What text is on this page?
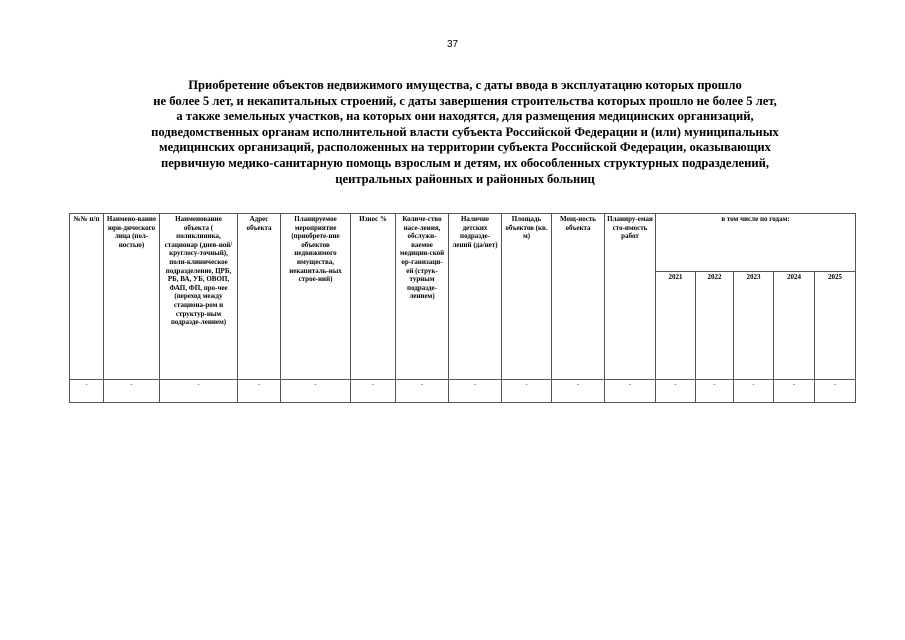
37
Приобретение объектов недвижимого имущества, с даты ввода в эксплуатацию которых прошло
не более 5 лет, и некапитальных строений, с даты завершения строительства которых прошло не более 5 лет,
а также земельных участков, на которых они находятся, для размещения медицинских организаций,
подведомственных органам исполнительной власти субъекта Российской Федерации и (или) муниципальных
медицинских организаций, расположенных на территории субъекта Российской Федерации, оказывающих
первичную медико-санитарную помощь взрослым и детям, их обособленных структурных подразделений,
центральных районных и районных больниц
№№ п/п	Наимено-вание юри-дического лица (пол-ностью)	Наименование объекта ( поликлиника, стационар (днев-ной/круглосу-точный), поли-клиническое подразделение, ЦРБ, РБ, ВА, УБ, ОВОП, ФАП, ФП, про-чее (переход между стациона-ром и структур-ным подразде-лением)	Адрес объекта	Планируемое мероприятие (приобрете-ние объектов недвижимого имущества, некапиталь-ных строе-ний)	Износ %	Количе-ство насе-ления, обслужи-ваемое медицин-ской ор-ганизаци-ей (струк-турным подразде-лением)	Наличие детских подразде-лений (да/нет)	Площадь объектов (кв. м)	Мощ-ность объекта	Планиру-емая сто-имость работ	в том числе по годам:				
											2021	2022	2023	2024	2025
-	-	-	-	-	-	-	-	-	-	-	-	-	-	-	-
